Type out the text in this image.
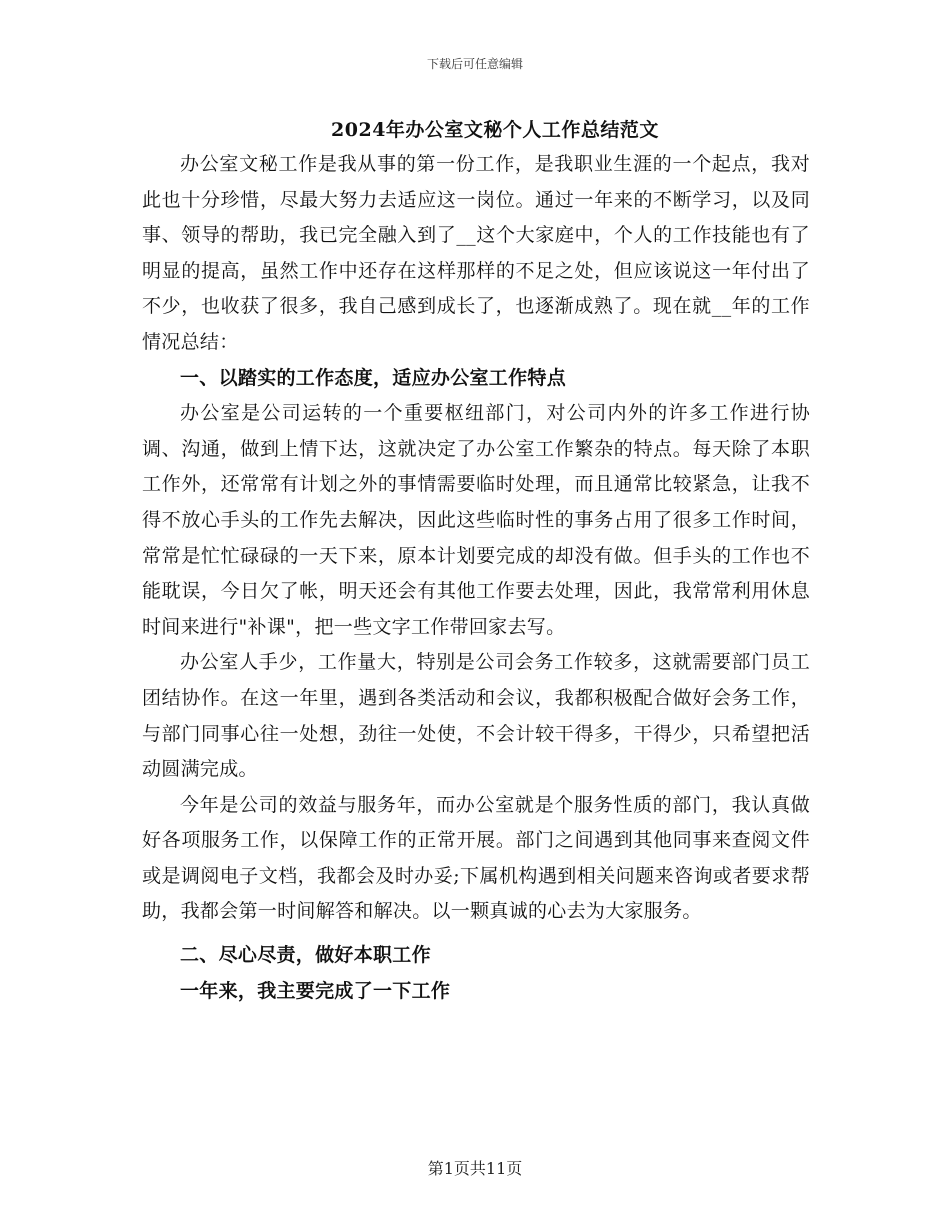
下载后可任意编辑
2024年办公室文秘个人工作总结范文

办公室文秘工作是我从事的第一份工作，是我职业生涯的一个起点，我对此也十分珍惜，尽最大努力去适应这一岗位。通过一年来的不断学习，以及同事、领导的帮助，我已完全融入到了__这个大家庭中，个人的工作技能也有了明显的提高，虽然工作中还存在这样那样的不足之处，但应该说这一年付出了不少，也收获了很多，我自己感到成长了，也逐渐成熟了。现在就__年的工作情况总结：

一、以踏实的工作态度，适应办公室工作特点

办公室是公司运转的一个重要枢纽部门，对公司内外的许多工作进行协调、沟通，做到上情下达，这就决定了办公室工作繁杂的特点。每天除了本职工作外，还常常有计划之外的事情需要临时处理，而且通常比较紧急，让我不得不放心手头的工作先去解决，因此这些临时性的事务占用了很多工作时间，常常是忙忙碌碌的一天下来，原本计划要完成的却没有做。但手头的工作也不能耽误，今日欠了帐，明天还会有其他工作要去处理，因此，我常常利用休息时间来进行"补课"，把一些文字工作带回家去写。

办公室人手少，工作量大，特别是公司会务工作较多，这就需要部门员工团结协作。在这一年里，遇到各类活动和会议，我都积极配合做好会务工作，与部门同事心往一处想，劲往一处使，不会计较干得多，干得少，只希望把活动圆满完成。

今年是公司的效益与服务年，而办公室就是个服务性质的部门，我认真做好各项服务工作，以保障工作的正常开展。部门之间遇到其他同事来查阅文件或是调阅电子文档，我都会及时办妥;下属机构遇到相关问题来咨询或者要求帮助，我都会第一时间解答和解决。以一颗真诚的心去为大家服务。

二、尽心尽责，做好本职工作

一年来，我主要完成了一下工作

第1页共11页
